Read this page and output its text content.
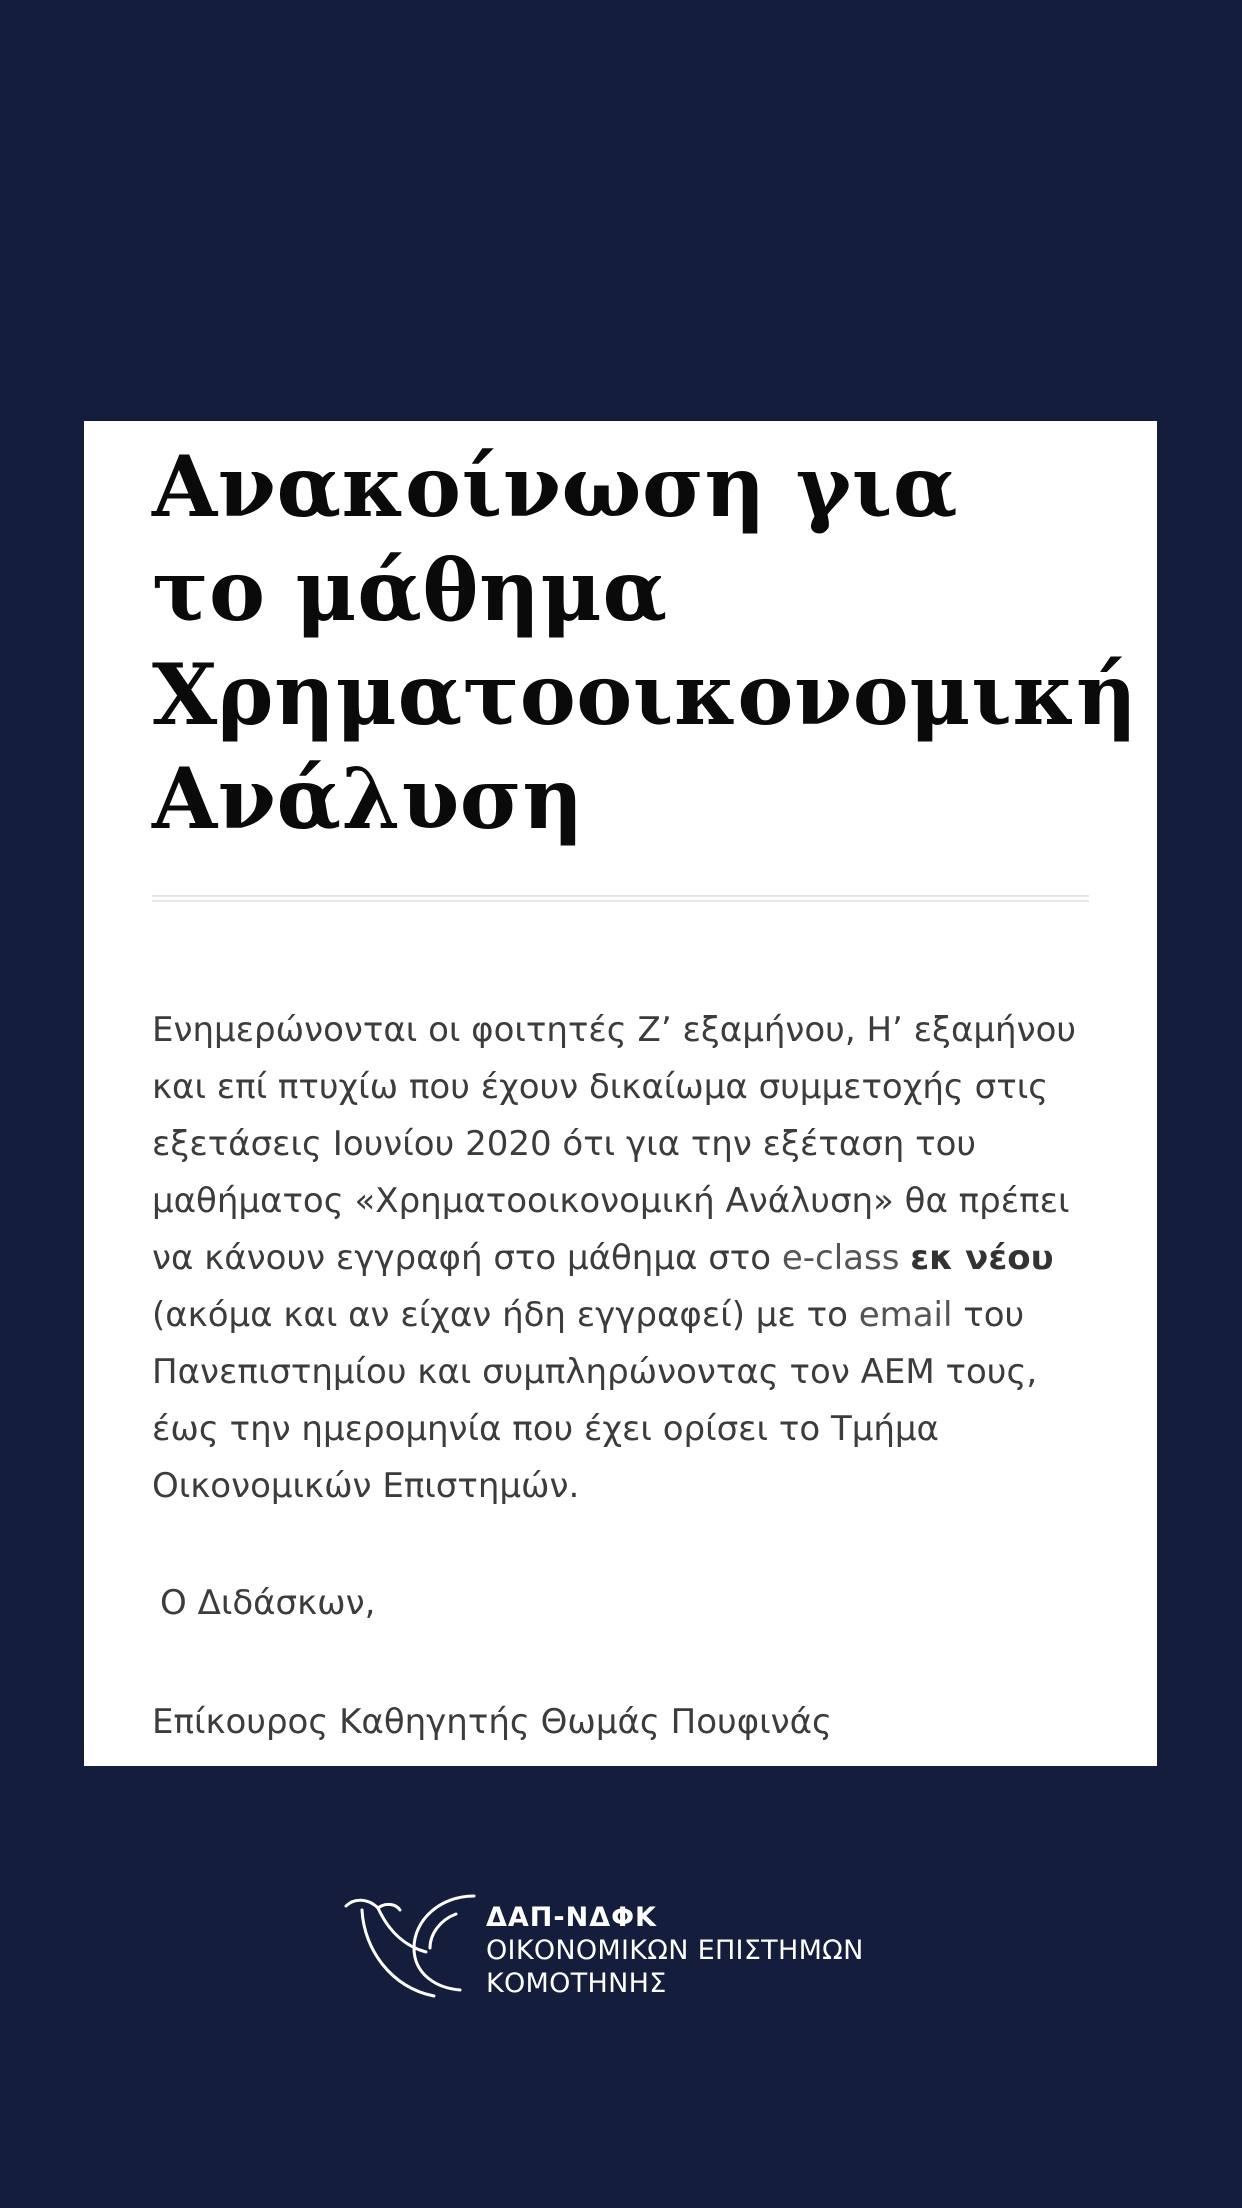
Ανακοίνωση για το μάθημα Χρηματοοικονομική Ανάλυση

Ενημερώνονται οι φοιτητές Ζ’ εξαμήνου, Η’ εξαμήνου και επί πτυχίω που έχουν δικαίωμα συμμετοχής στις εξετάσεις Ιουνίου 2020 ότι για την εξέταση του μαθήματος «Χρηματοοικονομική Ανάλυση» θα πρέπει να κάνουν εγγραφή στο μάθημα στο e-class εκ νέου (ακόμα και αν είχαν ήδη εγγραφεί) με το email του Πανεπιστημίου και συμπληρώνοντας τον ΑΕΜ τους, έως την ημερομηνία που έχει ορίσει το Τμήμα Οικονομικών Επιστημών.

Ο Διδάσκων,
Επίκουρος Καθηγητής Θωμάς Πουφινάς
ΔΑΠ-ΝΔΦΚ
ΟΙΚΟΝΟΜΙΚΩΝ ΕΠΙΣΤΗΜΩΝ
ΚΟΜΟΤΗΝΗΣ
